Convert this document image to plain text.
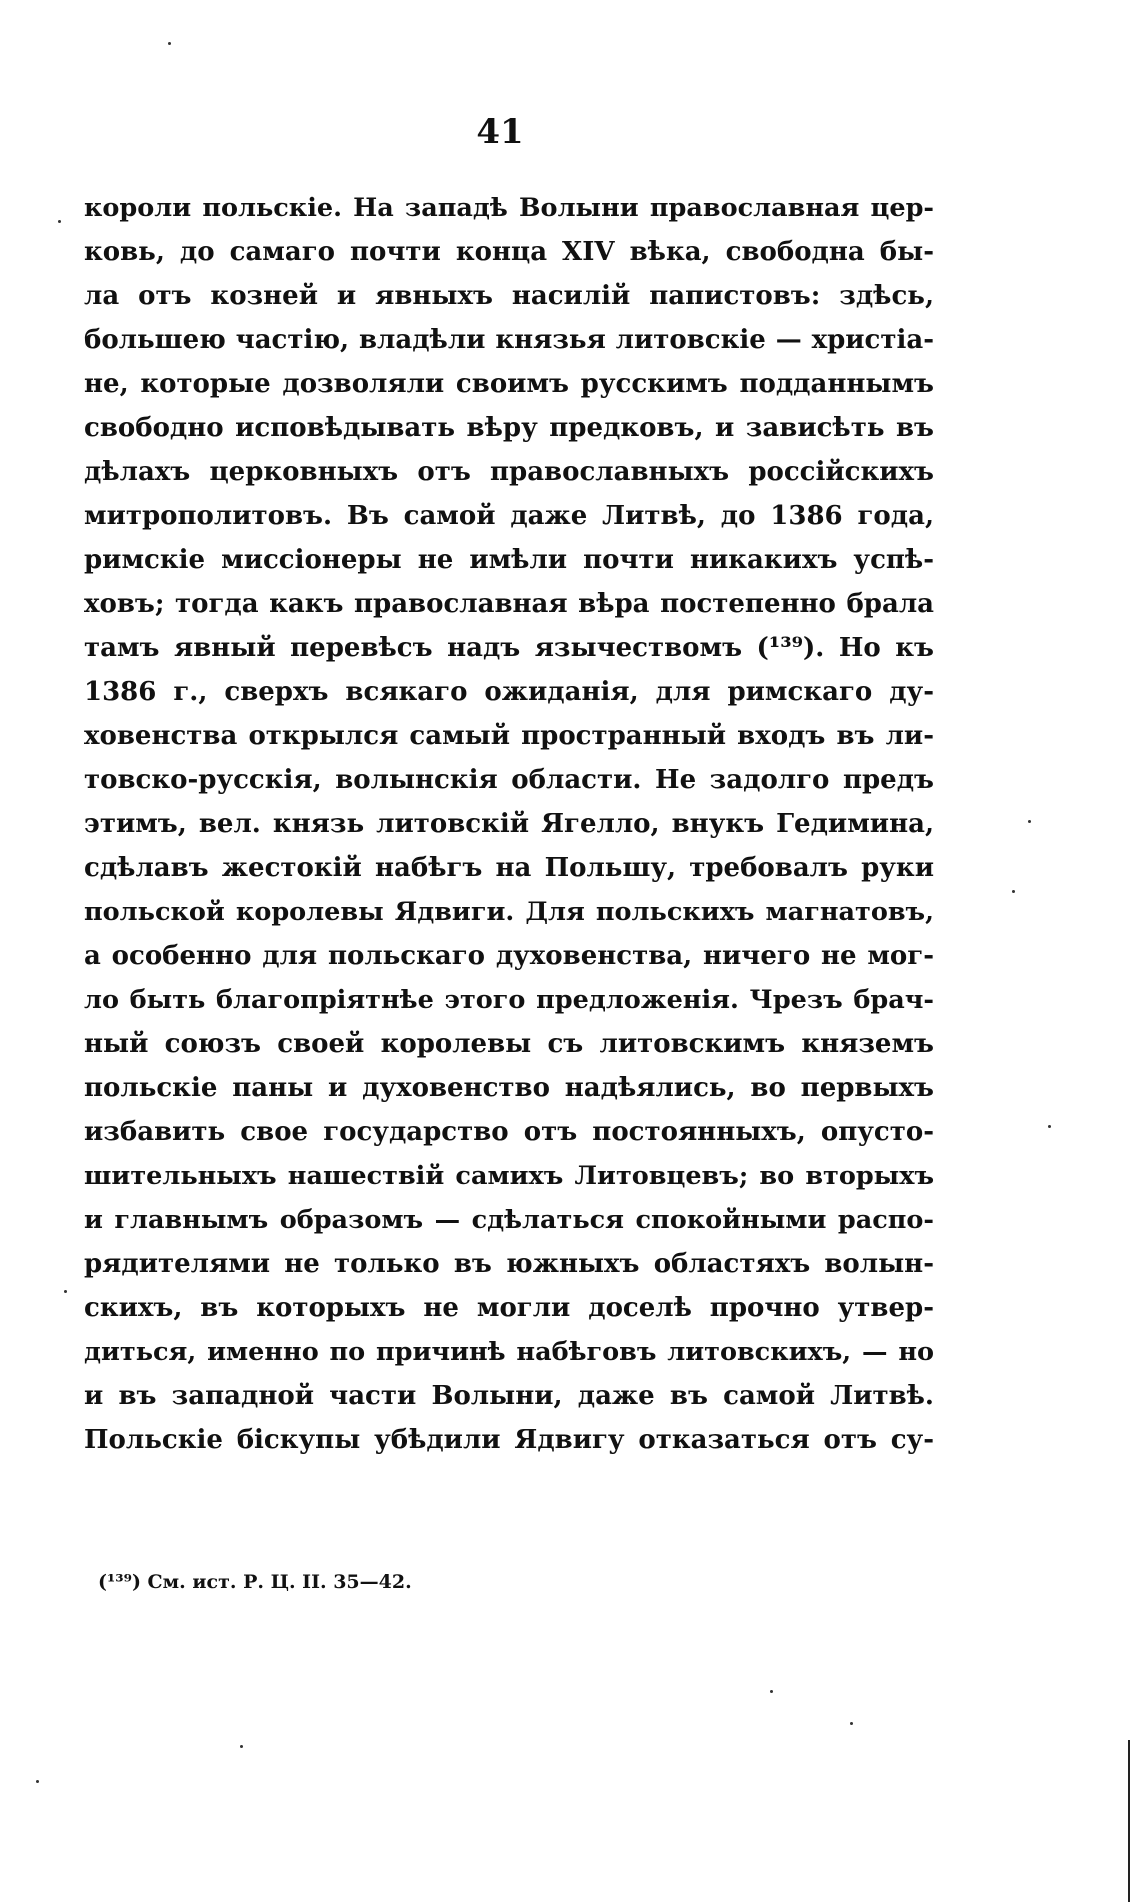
41
короли польскіе. На западѣ Волыни православная цер-
ковь, до самаго почти конца XIV вѣка, свободна бы-
ла отъ козней и явныхъ насилій папистовъ: здѣсь,
большею частію, владѣли князья литовскіе — христіа-
не, которые дозволяли своимъ русскимъ подданнымъ
свободно исповѣдывать вѣру предковъ, и зависѣть въ
дѣлахъ церковныхъ отъ православныхъ россійскихъ
митрополитовъ. Въ самой даже Литвѣ, до 1386 года,
римскіе миссіонеры не имѣли почти никакихъ успѣ-
ховъ; тогда какъ православная вѣра постепенно брала
тамъ явный перевѣсъ надъ язычествомъ (¹³⁹). Но къ
1386 г., сверхъ всякаго ожиданія, для римскаго ду-
ховенства открылся самый пространный входъ въ ли-
товско-русскія, волынскія области. Не задолго предъ
этимъ, вел. князь литовскій Ягелло, внукъ Гедимина,
сдѣлавъ жестокій набѣгъ на Польшу, требовалъ руки
польской королевы Ядвиги. Для польскихъ магнатовъ,
а особенно для польскаго духовенства, ничего не мог-
ло быть благопріятнѣе этого предложенія. Чрезъ брач-
ный союзъ своей королевы съ литовскимъ княземъ
польскіе паны и духовенство надѣялись, во первыхъ
избавить свое государство отъ постоянныхъ, опусто-
шительныхъ нашествій самихъ Литовцевъ; во вторыхъ
и главнымъ образомъ — сдѣлаться спокойными распо-
рядителями не только въ южныхъ областяхъ волын-
скихъ, въ которыхъ не могли доселѣ прочно утвер-
диться, именно по причинѣ набѣговъ литовскихъ, — но
и въ западной части Волыни, даже въ самой Литвѣ.
Польскіе біскупы убѣдили Ядвигу отказаться отъ су-
(¹³⁹) См. ист. Р. Ц. II. 35—42.
